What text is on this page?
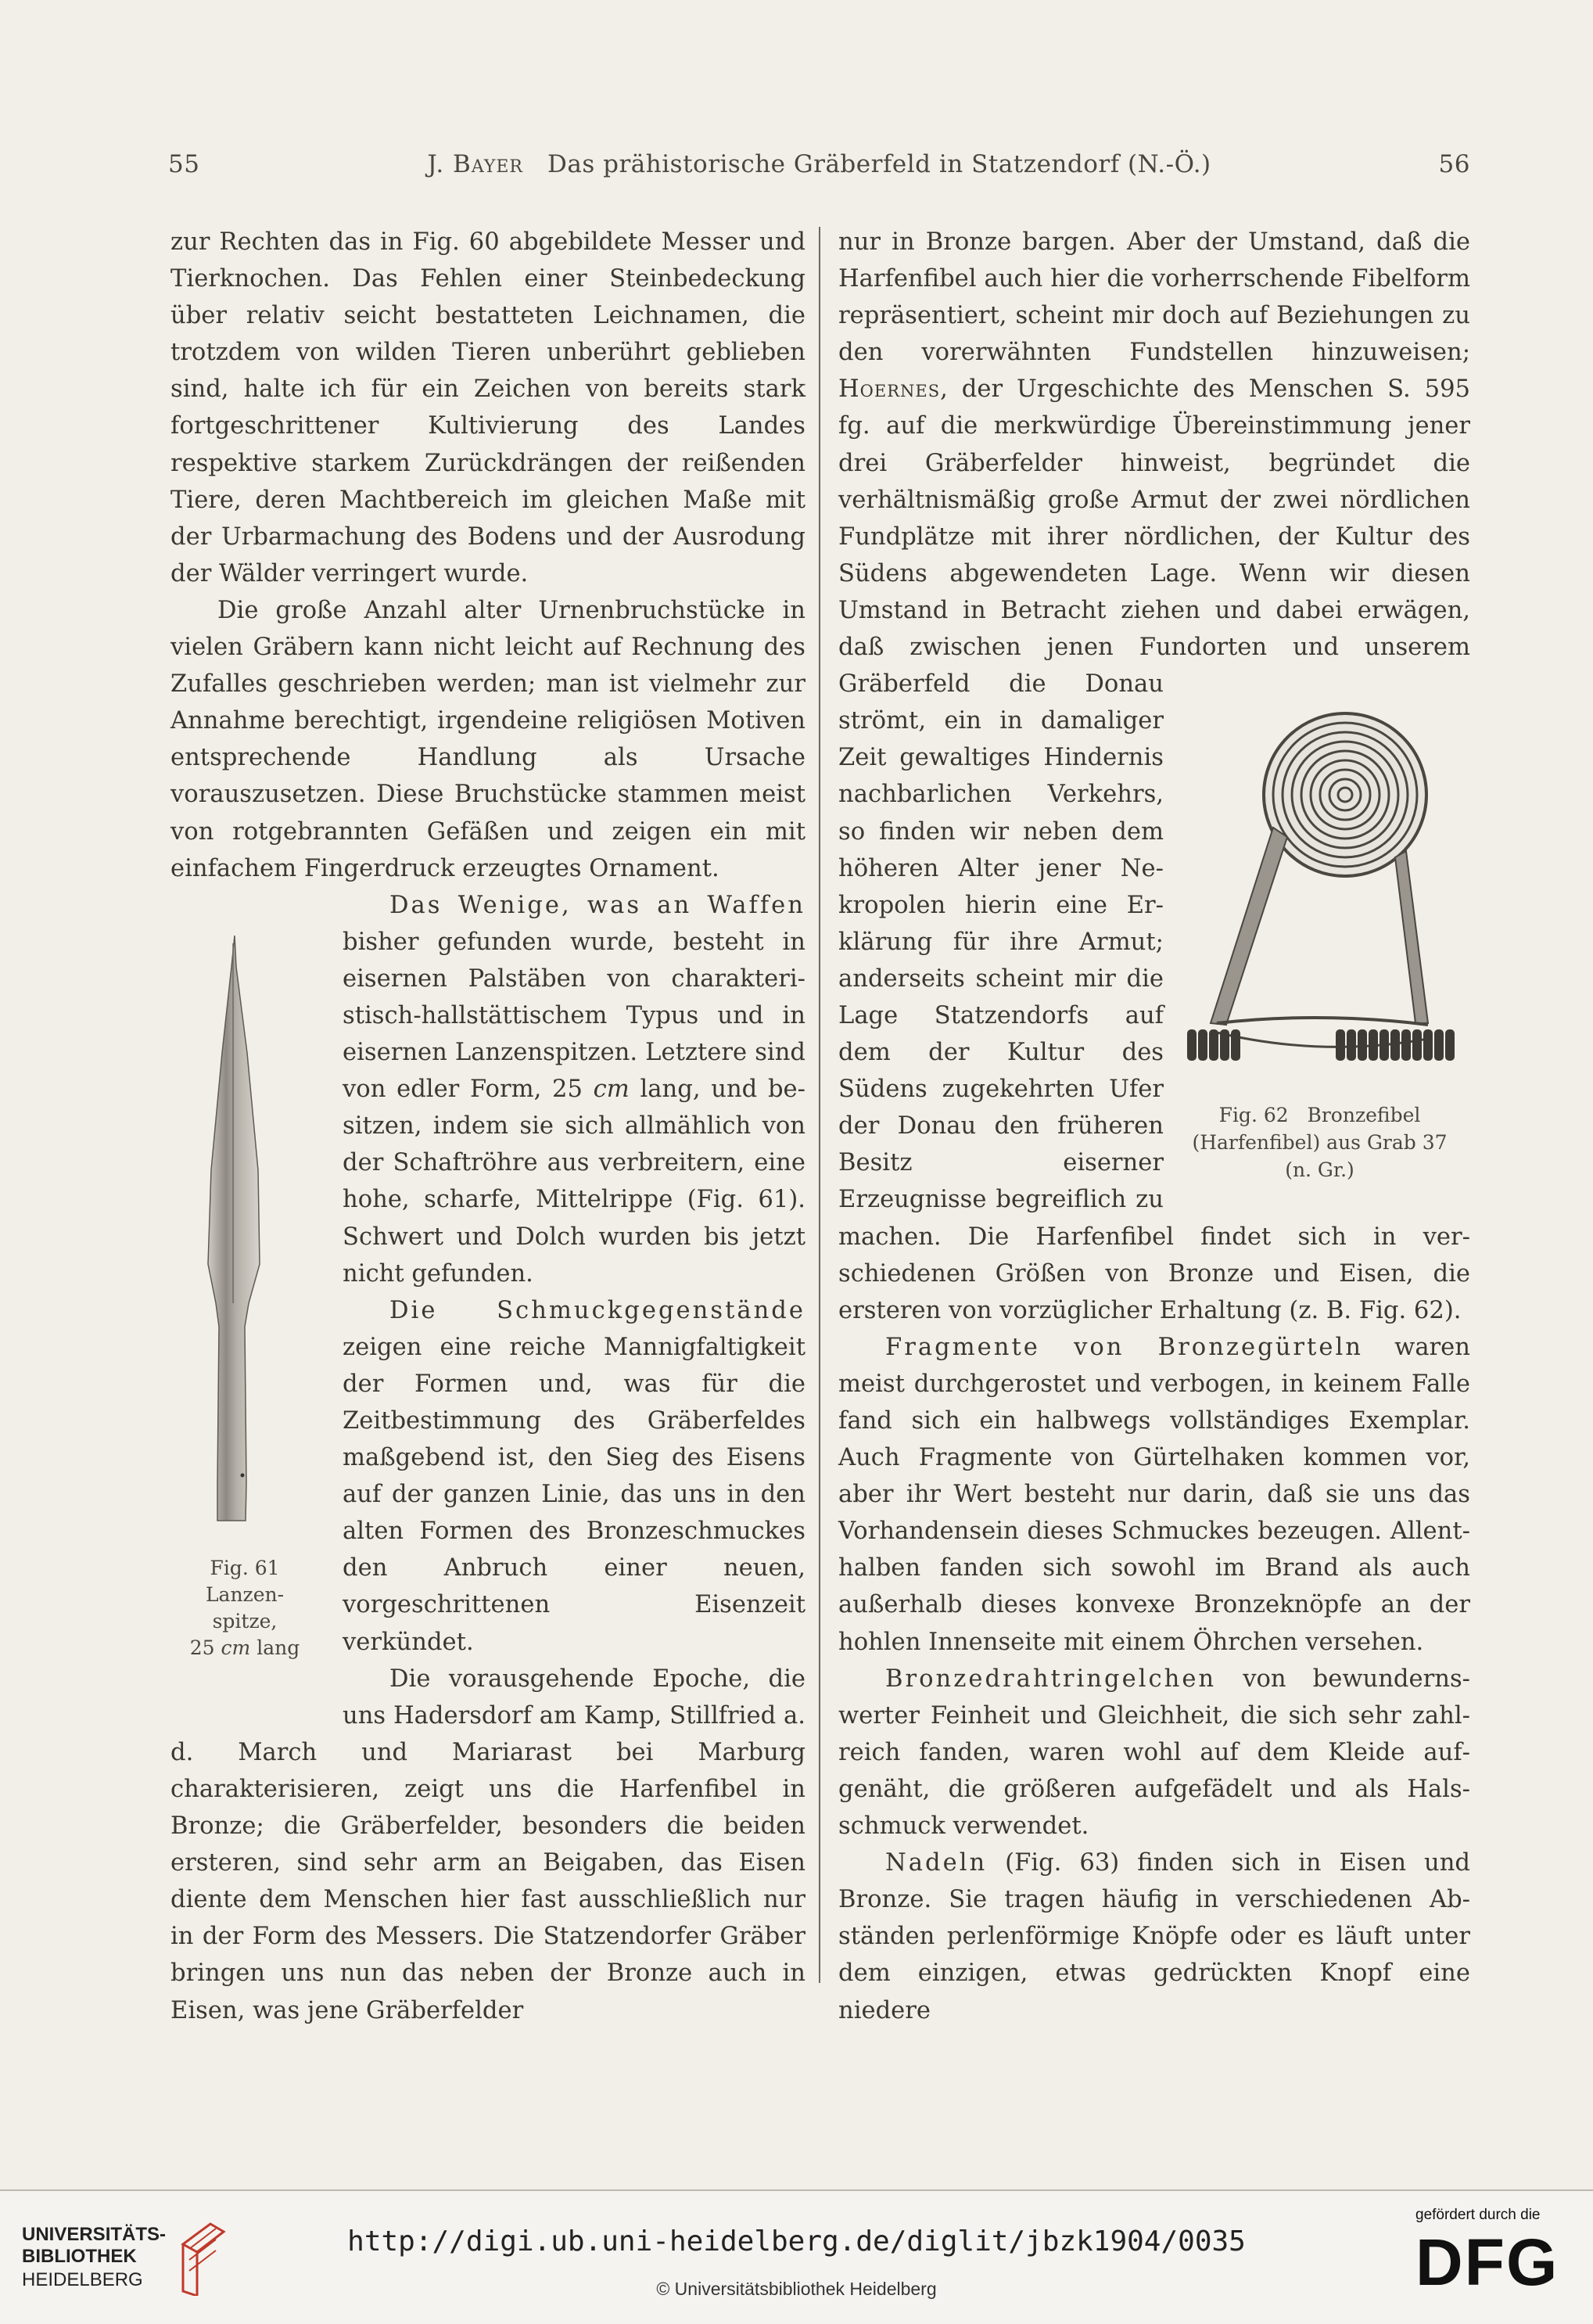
55	J. Bayer Das prähistorische Gräberfeld in Statzendorf (N.-Ö.)	56

zur Rechten das in Fig. 60 abgebildete Messer und Tierknochen. Das Fehlen einer Steinbedeckung über relativ seicht bestatteten Leichnamen, die trotzdem von wilden Tieren unberührt geblieben sind, halte ich für ein Zeichen von bereits stark fortgeschrittener Kultivierung des Landes respektive starkem Zurückdrängen der reißenden Tiere, deren Machtbereich im gleichen Maße mit der Urbarmachung des Bodens und der Ausrodung der Wälder verringert wurde.

Die große Anzahl alter Urnenbruchstücke in vielen Gräbern kann nicht leicht auf Rechnung des Zufalles geschrieben werden; man ist vielmehr zur Annahme berechtigt, irgendeine religiösen Motiven entsprechende Handlung als Ursache vorauszusetzen. Diese Bruchstücke stammen meist von rotgebrannten Gefäßen und zeigen ein mit einfachem Fingerdruck erzeugtes Ornament.

Fig. 61
Lanzen-
spitze,
25 cm lang

Das Wenige, was an Waffen bisher gefunden wurde, besteht in eisernen Palstäben von charakteristisch-hallstättischem Typus und in eisernen Lanzenspitzen. Letztere sind von edler Form, 25 cm lang, und besitzen, indem sie sich allmählich von der Schaftröhre aus verbreitern, eine hohe, scharfe, Mittelrippe (Fig. 61). Schwert und Dolch wurden bis jetzt nicht gefunden.

Die Schmuckgegenstände zeigen eine reiche Mannigfaltigkeit der Formen und, was für die Zeitbestimmung des Gräberfeldes maßgebend ist, den Sieg des Eisens auf der ganzen Linie, das uns in den alten Formen des Bronzeschmuckes den Anbruch einer neuen, vorgeschrittenen Eisenzeit verkündet.

Die vorausgehende Epoche, die uns Hadersdorf am Kamp, Stillfried a. d. March und Mariarast bei Marburg charakterisieren, zeigt uns die Harfenfibel in Bronze; die Gräberfelder, besonders die beiden ersteren, sind sehr arm an Beigaben, das Eisen diente dem Menschen hier fast ausschließlich nur in der Form des Messers. Die Statzendorfer Gräber bringen uns nun das neben der Bronze auch in Eisen, was jene Gräberfelder

Fig. 62   Bronzefibel
(Harfenfibel) aus Grab 37
(n. Gr.)

nur in Bronze bargen. Aber der Umstand, daß die Harfenfibel auch hier die vorherrschende Fibelform repräsentiert, scheint mir doch auf Beziehungen zu den vorerwähnten Fundstellen hinzuweisen; Hoernes, der Urgeschichte des Menschen S. 595 fg. auf die merkwürdige Übereinstimmung jener drei Gräberfelder hinweist, begründet die verhältnismäßig große Armut der zwei nördlichen Fundplätze mit ihrer nördlichen, der Kultur des Südens abgewendeten Lage. Wenn wir diesen Umstand in Betracht ziehen und dabei erwägen, daß zwischen jenen Fundorten und unserem Gräberfeld die Donau strömt, ein in damaliger Zeit gewaltiges Hindernis nachbarlichen Verkehrs, so finden wir neben dem höheren Alter jener Nekropolen hierin eine Erklärung für ihre Armut; anderseits scheint mir die Lage Statzendorfs auf dem der Kultur des Südens zugekehrten Ufer der Donau den früheren Besitz eiserner Erzeugnisse begreiflich zu machen. Die Harfenfibel findet sich in verschiedenen Größen von Bronze und Eisen, die ersteren von vorzüglicher Erhaltung (z. B. Fig. 62).

Fragmente von Bronzegürteln waren meist durchgerostet und verbogen, in keinem Falle fand sich ein halbwegs vollständiges Exemplar. Auch Fragmente von Gürtelhaken kommen vor, aber ihr Wert besteht nur darin, daß sie uns das Vorhandensein dieses Schmuckes bezeugen. Allenthalben fanden sich sowohl im Brand als auch außerhalb dieses konvexe Bronzeknöpfe an der hohlen Innenseite mit einem Öhrchen versehen.

Bronzedrahtringelchen von bewundernswerter Feinheit und Gleichheit, die sich sehr zahlreich fanden, waren wohl auf dem Kleide aufgenäht, die größeren aufgefädelt und als Halsschmuck verwendet.

Nadeln (Fig. 63) finden sich in Eisen und Bronze. Sie tragen häufig in verschiedenen Abständen perlenförmige Knöpfe oder es läuft unter dem einzigen, etwas gedrückten Knopf eine niedere

UNIVERSITÄTS-
BIBLIOTHEK
HEIDELBERG
http://digi.ub.uni-heidelberg.de/diglit/jbzk1904/0035
© Universitätsbibliothek Heidelberg
gefördert durch die
DFG
